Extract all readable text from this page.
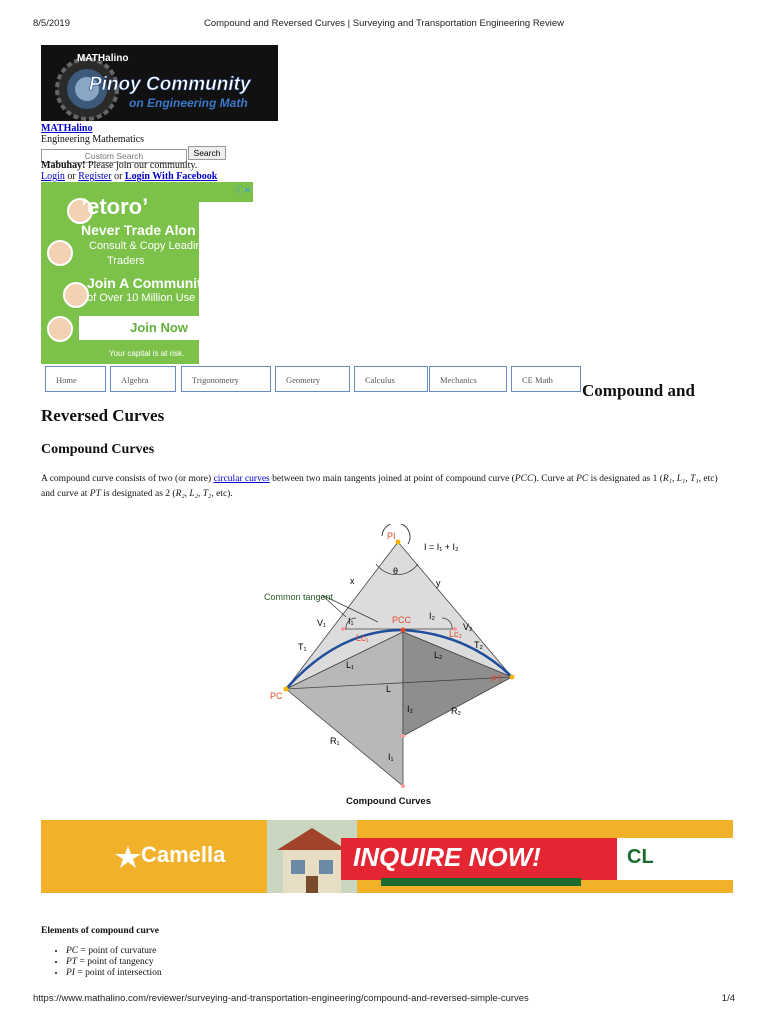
8/5/2019	Compound and Reversed Curves | Surveying and Transportation Engineering Review
MATHalino
Pinoy Community
on Engineering Math
MATHalino
Engineering Mathematics
Custom Search
Search
Mabuhay! Please join our community.
Login or Register or Login With Facebook
ⓘ✕
’etoro’
Never Trade Alon
Consult & Copy Leadin
Traders
Join A Communit
of Over 10 Million Use
Join Now
Your capital is at risk.
Home	Algebra	Trigonometry	Geometry	Calculus	Mechanics	CE Math
Compound and
Reversed Curves
Compound Curves

A compound curve consists of two (or more) circular curves between two main tangents joined at point of compound curve (PCC). Curve at PC is designated as 1 (R₁, L₁, T₁, etc) and curve at PT is designated as 2 (R₂, L₂, T₂, etc).

PI
I = I₁ + I₂
θ
x	y
Common tangent
V₁	V₂
I₁	I₂
PCC
Lc₁	Lc₂
T₁	T₂
L₁
L₂
L
PC
PT
R₁
R₂
I₂
I₁
Compound Curves
Camella	INQUIRE NOW!	CL
Elements of compound curve
• PC = point of curvature
• PT = point of tangency
• PI = point of intersection
https://www.mathalino.com/reviewer/surveying-and-transportation-engineering/compound-and-reversed-simple-curves	1/4
